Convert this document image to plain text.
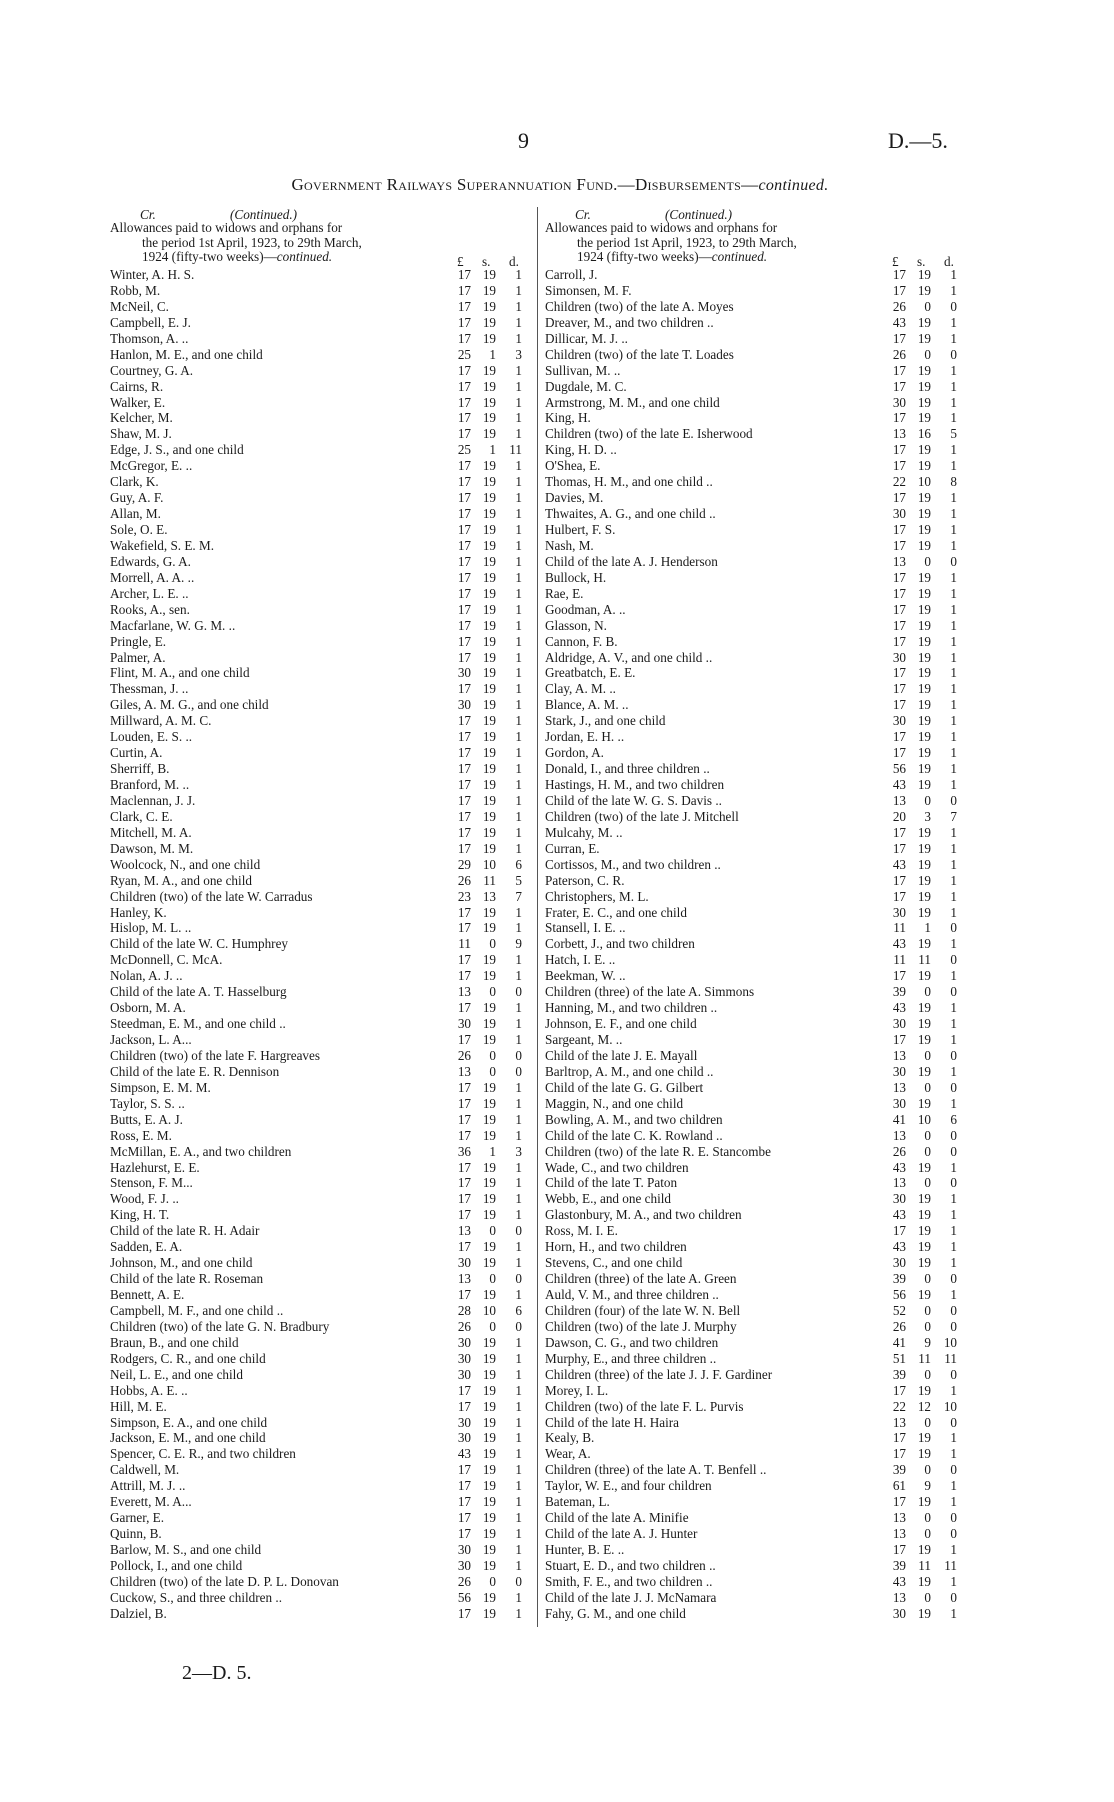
9	D.—5.
Government Railways Superannuation Fund.—Disbursements—continued.
Cr.	(Continued.)
Allowances paid to widows and orphans for
the period 1st April, 1923, to 29th March,
1924 (fifty-two weeks)—continued.	£ s. d.
Winter, A. H. S.	17 19	1
Robb, M.	17 19	1
McNeil, C.	17 19	1
Campbell, E. J.	17 19	1
Thomson, A. ..	17 19	1
Hanlon, M. E., and one child	25	1	3
Courtney, G. A.	17 19	1
Cairns, R.	17 19	1
Walker, E.	17 19	1
Kelcher, M.	17 19	1
Shaw, M. J.	17 19	1
Edge, J. S., and one child	25	1	11
McGregor, E. ..	17 19	1
Clark, K.	17 19	1
Guy, A. F.	17 19	1
Allan, M.	17 19	1
Sole, O. E.	17 19	1
Wakefield, S. E. M.	17 19	1
Edwards, G. A.	17 19	1
Morrell, A. A. ..	17 19	1
Archer, L. E. ..	17 19	1
Rooks, A., sen.	17 19	1
Macfarlane, W. G. M. ..	17 19	1
Pringle, E.	17 19	1
Palmer, A.	17 19	1
Flint, M. A., and one child	30 19	1
Thessman, J. ..	17 19	1
Giles, A. M. G., and one child	30 19	1
Millward, A. M. C.	17 19	1
Louden, E. S. ..	17 19	1
Curtin, A.	17 19	1
Sherriff, B.	17 19	1
Branford, M. ..	17 19	1
Maclennan, J. J.	17 19	1
Clark, C. E.	17 19	1
Mitchell, M. A.	17 19	1
Dawson, M. M.	17 19	1
Woolcock, N., and one child	29 10	6
Ryan, M. A., and one child	26 11	5
Children (two) of the late W. Carradus	23 13	7
Hanley, K.	17 19	1
Hislop, M. L. ..	17 19	1
Child of the late W. C. Humphrey	11	0	9
McDonnell, C. McA.	17 19	1
Nolan, A. J. ..	17 19	1
Child of the late A. T. Hasselburg	13	0	0
Osborn, M. A.	17 19	1
Steedman, E. M., and one child ..	30 19	1
Jackson, L. A...	17 19	1
Children (two) of the late F. Hargreaves	26	0	0
Child of the late E. R. Dennison	13	0	0
Simpson, E. M. M.	17 19	1
Taylor, S. S. ..	17 19	1
Butts, E. A. J.	17 19	1
Ross, E. M.	17 19	1
McMillan, E. A., and two children	36	1	3
Hazlehurst, E. E.	17 19	1
Stenson, F. M...	17 19	1
Wood, F. J. ..	17 19	1
King, H. T.	17 19	1
Child of the late R. H. Adair	13	0	0
Sadden, E. A.	17 19	1
Johnson, M., and one child	30 19	1
Child of the late R. Roseman	13	0	0
Bennett, A. E.	17 19	1
Campbell, M. F., and one child ..	28 10	6
Children (two) of the late G. N. Bradbury	26	0	0
Braun, B., and one child	30 19	1
Rodgers, C. R., and one child	30 19	1
Neil, L. E., and one child	30 19	1
Hobbs, A. E. ..	17 19	1
Hill, M. E.	17 19	1
Simpson, E. A., and one child	30 19	1
Jackson, E. M., and one child	30 19	1
Spencer, C. E. R., and two children	43 19	1
Caldwell, M.	17 19	1
Attrill, M. J. ..	17 19	1
Everett, M. A...	17 19	1
Garner, E.	17 19	1
Quinn, B.	17 19	1
Barlow, M. S., and one child	30 19	1
Pollock, I., and one child	30 19	1
Children (two) of the late D. P. L. Donovan	26	0	0
Cuckow, S., and three children ..	56 19	1
Dalziel, B.	17 19	1
Cr.	(Continued.)
Allowances paid to widows and orphans for
the period 1st April, 1923, to 29th March,
1924 (fifty-two weeks)—continued.	£ s. d.
Carroll, J.	17 19	1
Simonsen, M. F.	17 19	1
Children (two) of the late A. Moyes	26	0	0
Dreaver, M., and two children ..	43 19	1
Dillicar, M. J. ..	17 19	1
Children (two) of the late T. Loades	26	0	0
Sullivan, M. ..	17 19	1
Dugdale, M. C.	17 19	1
Armstrong, M. M., and one child	30 19	1
King, H.	17 19	1
Children (two) of the late E. Isherwood	13 16	5
King, H. D. ..	17 19	1
O'Shea, E.	17 19	1
Thomas, H. M., and one child ..	22 10	8
Davies, M.	17 19	1
Thwaites, A. G., and one child ..	30 19	1
Hulbert, F. S.	17 19	1
Nash, M.	17 19	1
Child of the late A. J. Henderson	13	0	0
Bullock, H.	17 19	1
Rae, E.	17 19	1
Goodman, A. ..	17 19	1
Glasson, N.	17 19	1
Cannon, F. B.	17 19	1
Aldridge, A. V., and one child ..	30 19	1
Greatbatch, E. E.	17 19	1
Clay, A. M. ..	17 19	1
Blance, A. M. ..	17 19	1
Stark, J., and one child	30 19	1
Jordan, E. H. ..	17 19	1
Gordon, A.	17 19	1
Donald, I., and three children ..	56 19	1
Hastings, H. M., and two children	43 19	1
Child of the late W. G. S. Davis ..	13	0	0
Children (two) of the late J. Mitchell	20	3	7
Mulcahy, M. ..	17 19	1
Curran, E.	17 19	1
Cortissos, M., and two children ..	43 19	1
Paterson, C. R.	17 19	1
Christophers, M. L.	17 19	1
Frater, E. C., and one child	30 19	1
Stansell, I. E. ..	11	1	0
Corbett, J., and two children	43 19	1
Hatch, I. E. ..	11 11	0
Beekman, W. ..	17 19	1
Children (three) of the late A. Simmons	39	0	0
Hanning, M., and two children ..	43 19	1
Johnson, E. F., and one child	30 19	1
Sargeant, M. ..	17 19	1
Child of the late J. E. Mayall	13	0	0
Barltrop, A. M., and one child ..	30 19	1
Child of the late G. G. Gilbert	13	0	0
Maggin, N., and one child	30 19	1
Bowling, A. M., and two children	41 10	6
Child of the late C. K. Rowland ..	13	0	0
Children (two) of the late R. E. Stancombe	26	0	0
Wade, C., and two children	43 19	1
Child of the late T. Paton	13	0	0
Webb, E., and one child	30 19	1
Glastonbury, M. A., and two children	43 19	1
Ross, M. I. E.	17 19	1
Horn, H., and two children	43 19	1
Stevens, C., and one child	30 19	1
Children (three) of the late A. Green	39	0	0
Auld, V. M., and three children ..	56 19	1
Children (four) of the late W. N. Bell	52	0	0
Children (two) of the late J. Murphy	26	0	0
Dawson, C. G., and two children	41	9 10
Murphy, E., and three children ..	51 11	11
Children (three) of the late J. J. F. Gardiner	39	0	0
Morey, I. L.	17 19	1
Children (two) of the late F. L. Purvis	22 12 10
Child of the late H. Haira	13	0	0
Kealy, B.	17 19	1
Wear, A.	17 19	1
Children (three) of the late A. T. Benfell ..	39	0	0
Taylor, W. E., and four children	61	9	1
Bateman, L.	17 19	1
Child of the late A. Minifie	13	0	0
Child of the late A. J. Hunter	13	0	0
Hunter, B. E. ..	17 19	1
Stuart, E. D., and two children ..	39 11	11
Smith, F. E., and two children ..	43 19	1
Child of the late J. J. McNamara	13	0	0
Fahy, G. M., and one child	30 19	1
2—D. 5.
